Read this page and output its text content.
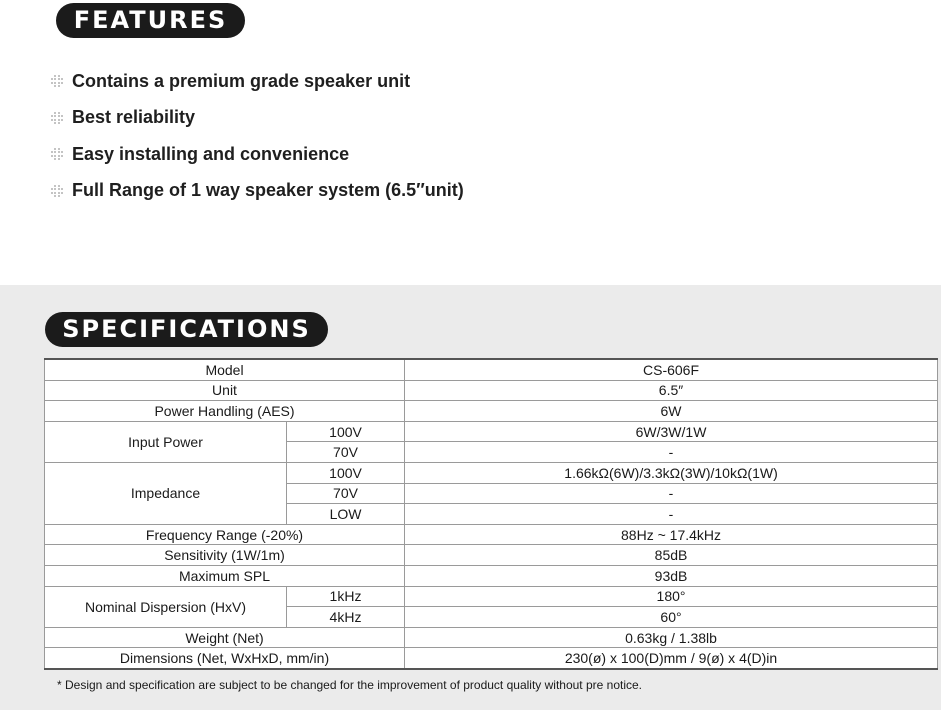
FEATURES
Contains a premium grade speaker unit
Best reliability
Easy installing and convenience
Full Range of 1 way speaker system (6.5″unit)
SPECIFICATIONS
Model		CS-606F
Unit		6.5″
Power Handling (AES)		6W
Input Power	100V	6W/3W/1W
	70V	-
Impedance	100V	1.66kΩ(6W)/3.3kΩ(3W)/10kΩ(1W)
	70V	-
	LOW	-
Frequency Range (-20%)		88Hz ~ 17.4kHz
Sensitivity (1W/1m)		85dB
Maximum SPL		93dB
Nominal Dispersion (HxV)	1kHz	180°
	4kHz	60°
Weight (Net)		0.63kg / 1.38lb
Dimensions (Net, WxHxD, mm/in)		230(ø) x 100(D)mm / 9(ø) x 4(D)in
* Design and specification are subject to be changed for the improvement of product quality without pre notice.
